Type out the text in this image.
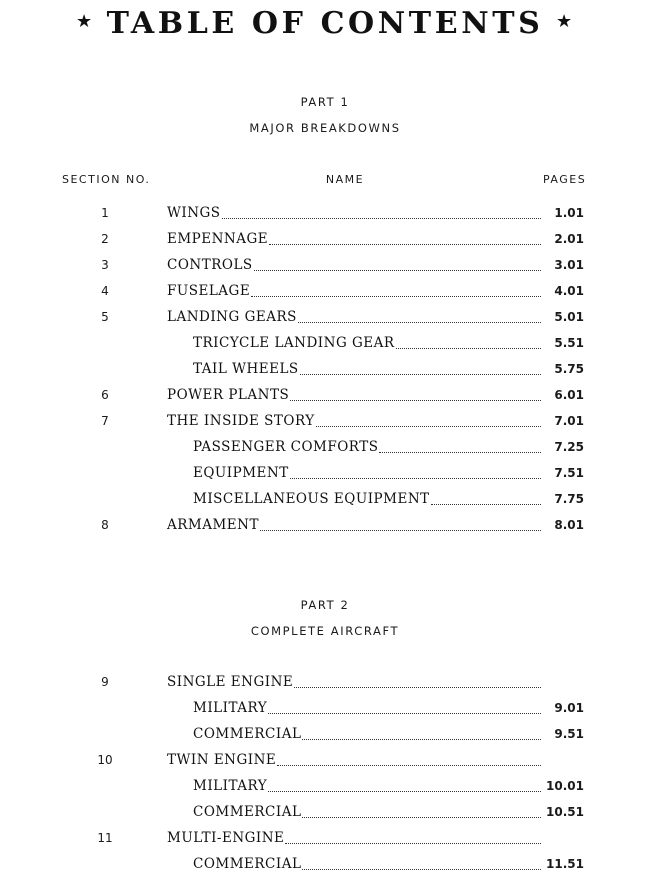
★ TABLE OF CONTENTS ★
PART 1
MAJOR BREAKDOWNS
SECTION NO.	NAME	PAGES
1	WINGS	1.01
2	EMPENNAGE	2.01
3	CONTROLS	3.01
4	FUSELAGE	4.01
5	LANDING GEARS	5.01
TRICYCLE LANDING GEAR	5.51
TAIL WHEELS	5.75
6	POWER PLANTS	6.01
7	THE INSIDE STORY	7.01
PASSENGER COMFORTS	7.25
EQUIPMENT	7.51
MISCELLANEOUS EQUIPMENT	7.75
8	ARMAMENT	8.01
PART 2
COMPLETE AIRCRAFT
9	SINGLE ENGINE
MILITARY	9.01
COMMERCIAL	9.51
10	TWIN ENGINE
MILITARY	10.01
COMMERCIAL	10.51
11	MULTI-ENGINE
COMMERCIAL	11.51
